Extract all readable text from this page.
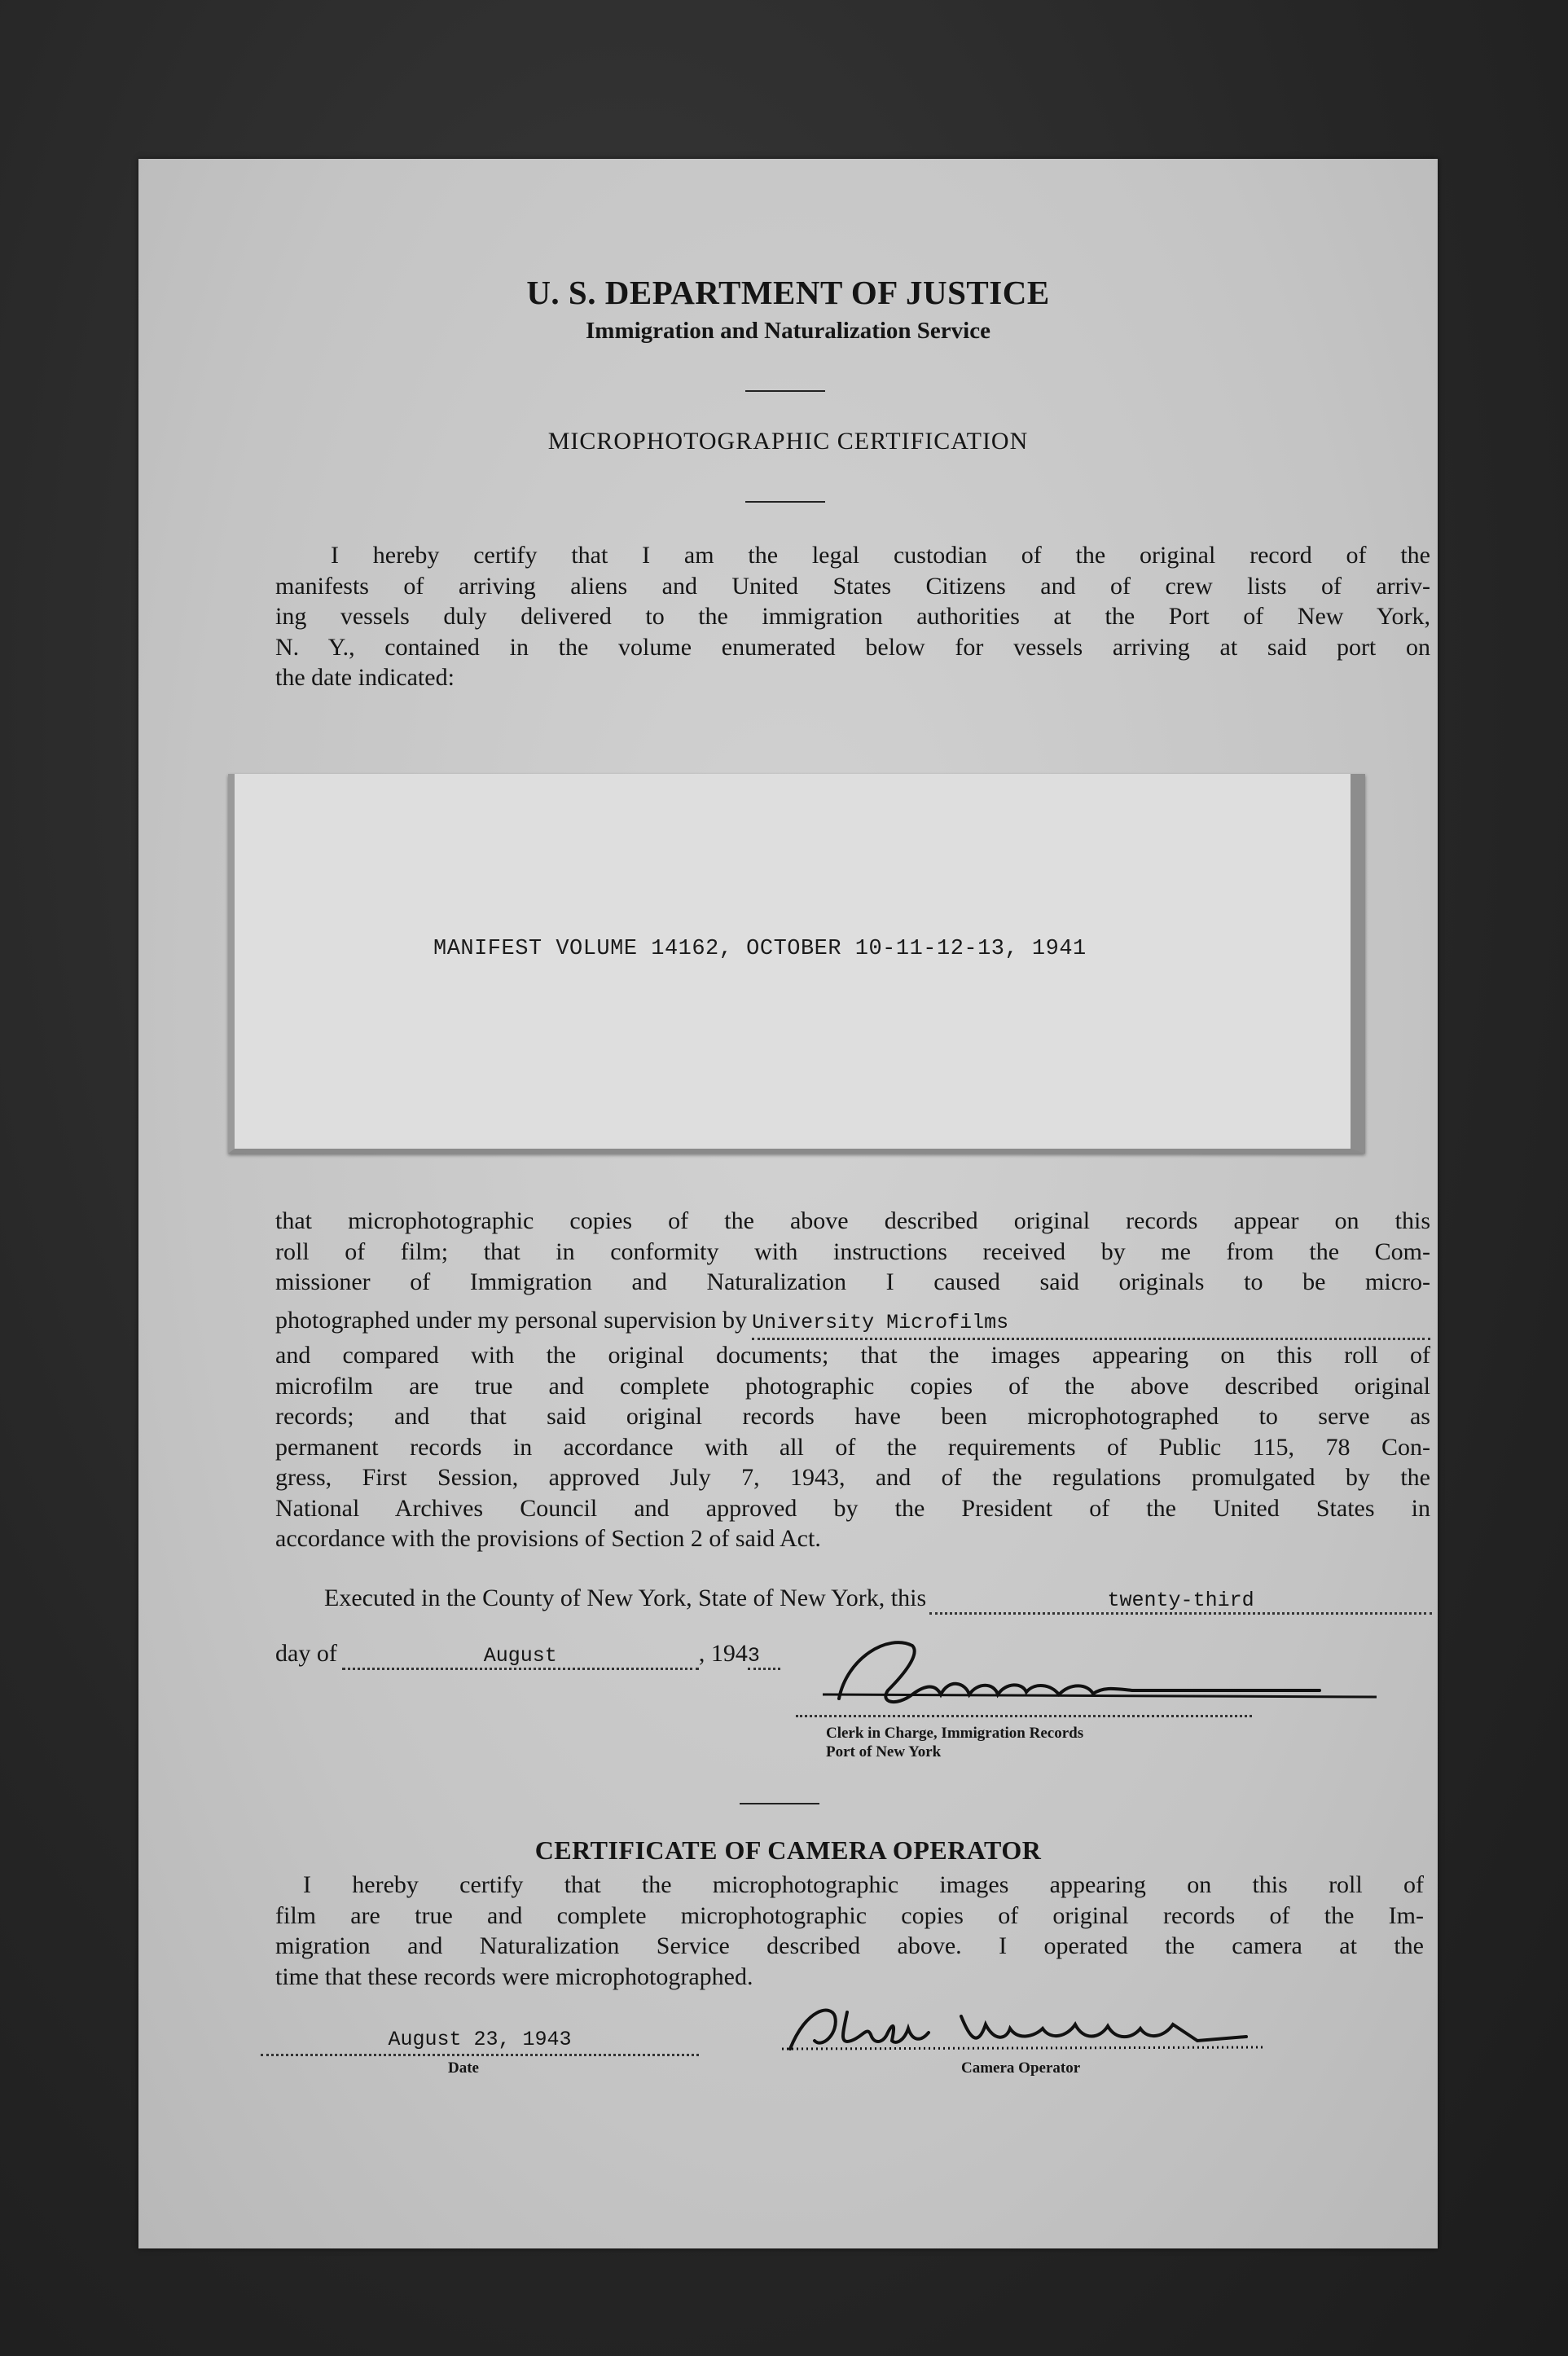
U. S. DEPARTMENT OF JUSTICE
Immigration and Naturalization Service
MICROPHOTOGRAPHIC CERTIFICATION
I hereby certify that I am the legal custodian of the original record of the
manifests of arriving aliens and United States Citizens and of crew lists of arriv-
ing vessels duly delivered to the immigration authorities at the Port of New York,
N. Y., contained in the volume enumerated below for vessels arriving at said port on
the date indicated:
MANIFEST VOLUME 14162, OCTOBER 10-11-12-13, 1941
that microphotographic copies of the above described original records appear on this
roll of film; that in conformity with instructions received by me from the Com-
missioner of Immigration and Naturalization I caused said originals to be micro-
photographed under my personal supervision by University Microfilms
and compared with the original documents; that the images appearing on this roll of
microfilm are true and complete photographic copies of the above described original
records; and that said original records have been microphotographed to serve as
permanent records in accordance with all of the requirements of Public 115, 78 Con-
gress, First Session, approved July 7, 1943, and of the regulations promulgated by the
National Archives Council and approved by the President of the United States in
accordance with the provisions of Section 2 of said Act.
Executed in the County of New York, State of New York, this	twenty-third
day of	August	, 194 3
Clerk in Charge, Immigration Records
Port of New York
CERTIFICATE OF CAMERA OPERATOR
I hereby certify that the microphotographic images appearing on this roll of
film are true and complete microphotographic copies of original records of the Im-
migration and Naturalization Service described above. I operated the camera at the
time that these records were microphotographed.
August 23, 1943
Date	Camera Operator
